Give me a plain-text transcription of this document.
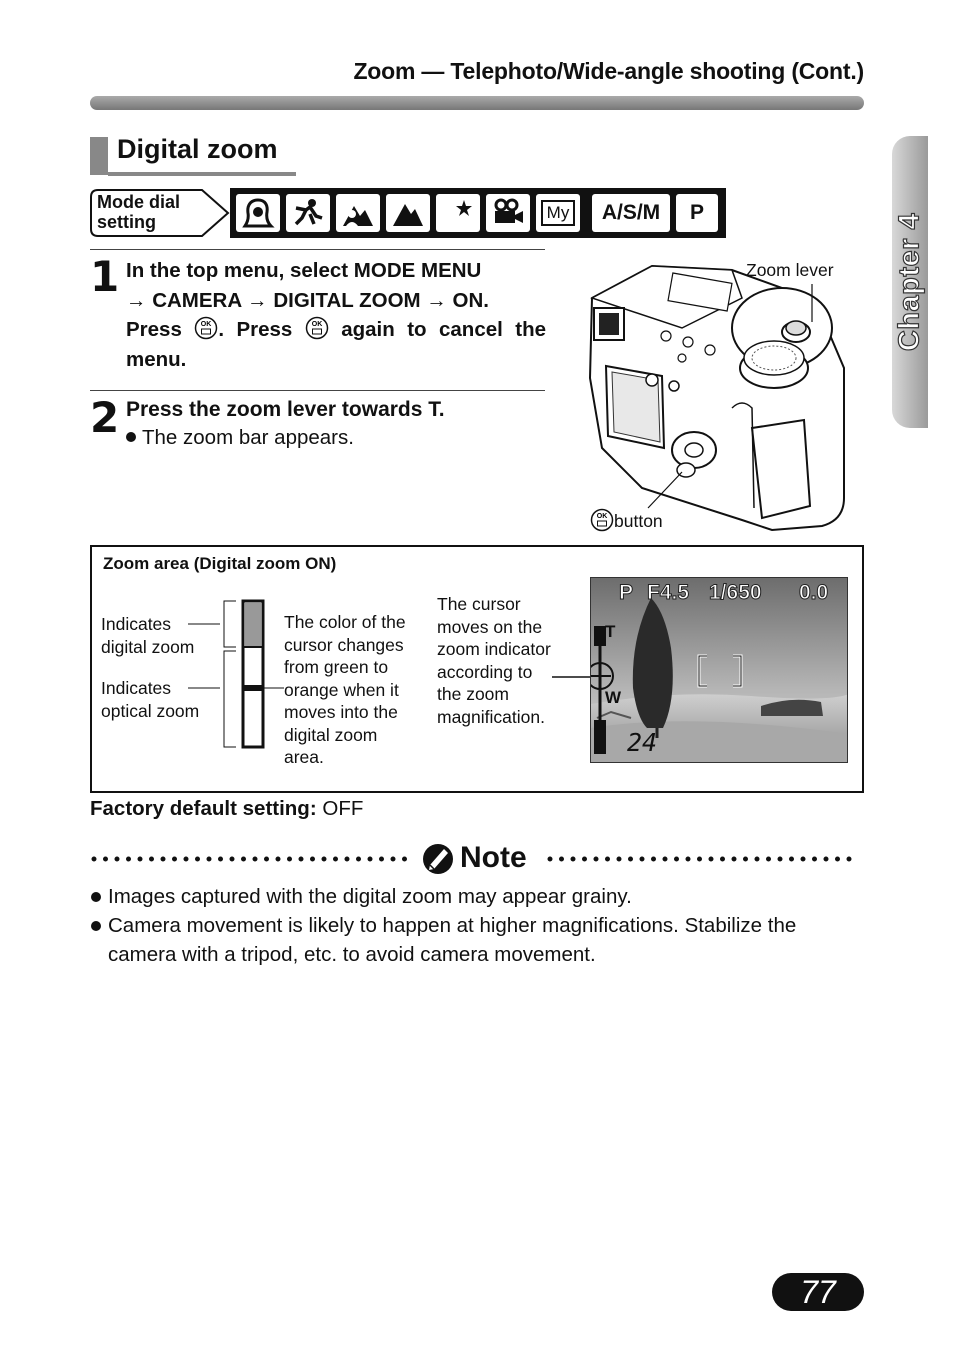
Zoom — Telephoto/Wide-angle shooting (Cont.)
Chapter 4
Digital zoom
Mode dial
setting	My	A/S/M	P
1 In the top menu, select MODE MENU
→ CAMERA → DIGITAL ZOOM → ON.
Press	OK . Press	OK again to cancel the menu.
2 Press the zoom lever towards T.
The zoom bar appears.
Zoom lever
OK button
Zoom area (Digital zoom ON)
Indicates
digital zoom
Indicates
optical zoom
The color of the
cursor changes
from green to
orange when it
moves into the
digital zoom
area.
The cursor
moves on the
zoom indicator
according to
the zoom
magnification.
P F4.5 1/650 0.0
T
W
24
Factory default setting: OFF
Note
Images captured with the digital zoom may appear grainy.
Camera movement is likely to happen at higher magnifications. Stabilize the camera with a tripod, etc. to avoid camera movement.
77
